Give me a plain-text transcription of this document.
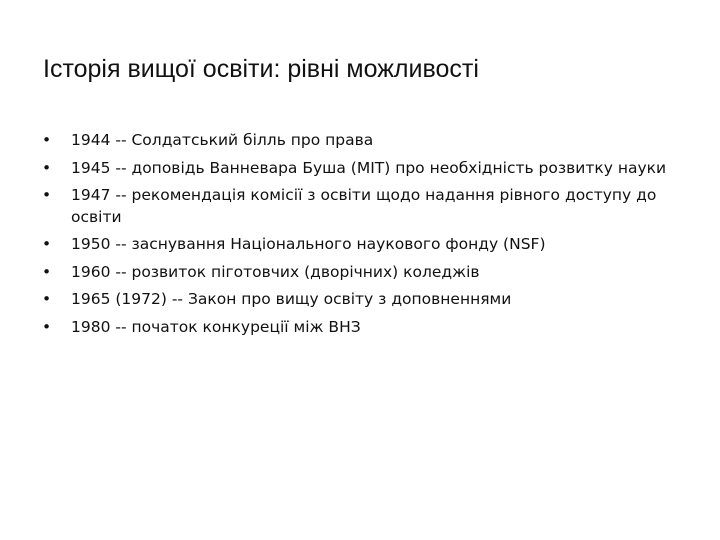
Історія вищої освіти: рівні можливості
•	1944 -- Солдатський білль про права
•	1945 -- доповідь Ванневара Буша (MIT) про необхідність розвитку науки
•	1947 -- рекомендація комісії з освіти щодо надання рівного доступу до освіти
•	1950 -- заснування Національного наукового фонду (NSF)
•	1960 -- розвиток піготовчих (дворічних) коледжів
•	1965 (1972) -- Закон про вищу освіту з доповненнями
•	1980 -- початок конкуреції між ВНЗ
